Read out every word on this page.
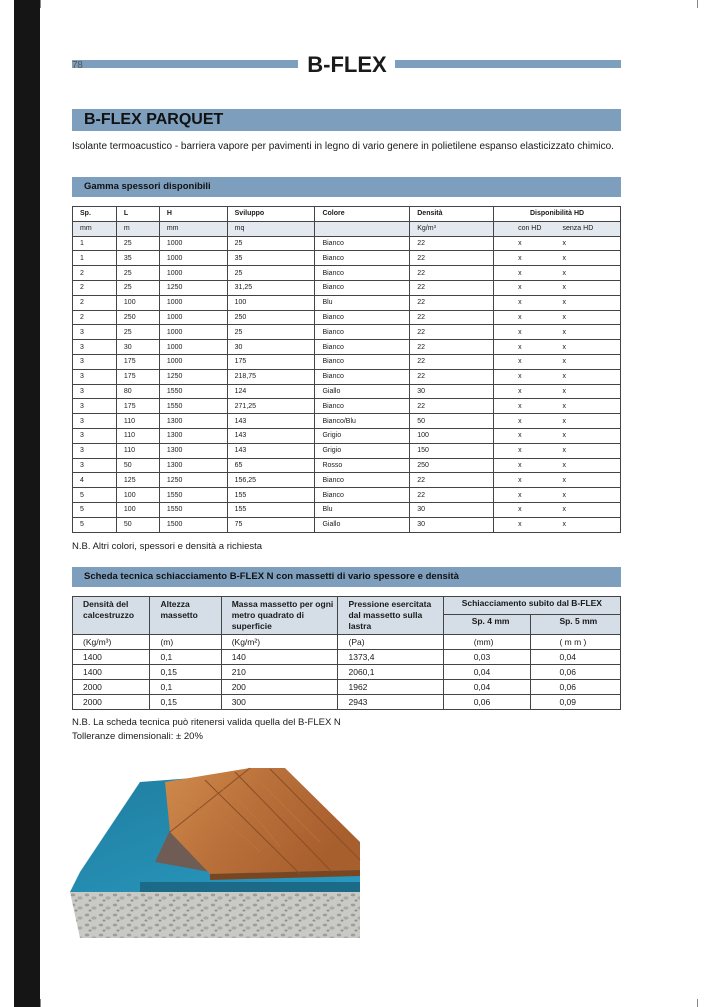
78	B-FLEX
B-FLEX PARQUET
Isolante termoacustico - barriera vapore per pavimenti in legno di vario genere in polietilene espanso elasticizzato chimico.
Gamma spessori disponibili
Sp.	L	H	Sviluppo	Colore	Densità	Disponibilità HD	
mm	m	mm	mq		Kg/m³	con HD	senza HD
1	25	1000	25	Bianco	22	x	x
1	35	1000	35	Bianco	22	x	x
2	25	1000	25	Bianco	22	x	x
2	25	1250	31,25	Bianco	22	x	x
2	100	1000	100	Blu	22	x	x
2	250	1000	250	Bianco	22	x	x
3	25	1000	25	Bianco	22	x	x
3	30	1000	30	Bianco	22	x	x
3	175	1000	175	Bianco	22	x	x
3	175	1250	218,75	Bianco	22	x	x
3	80	1550	124	Giallo	30	x	x
3	175	1550	271,25	Bianco	22	x	x
3	110	1300	143	Bianco/Blu	50	x	x
3	110	1300	143	Grigio	100	x	x
3	110	1300	143	Grigio	150	x	x
3	50	1300	65	Rosso	250	x	x
4	125	1250	156,25	Bianco	22	x	x
5	100	1550	155	Bianco	22	x	x
5	100	1550	155	Blu	30	x	x
5	50	1500	75	Giallo	30	x	x
N.B. Altri colori, spessori e densità a richiesta
Scheda tecnica schiacciamento B-FLEX N con massetti di vario spessore e densità
Densità del calcestruzzo	Altezza massetto	Massa massetto per ogni metro quadrato di superficie	Pressione esercitata dal massetto sulla lastra	Schiacciamento subito dal B-FLEX	
				Sp. 4 mm	Sp. 5 mm
(Kg/m³)	(m)	(Kg/m²)	(Pa)	(mm)	( m m )
1400	0,1	140	1373,4	0,03	0,04
1400	0,15	210	2060,1	0,04	0,06
2000	0,1	200	1962	0,04	0,06
2000	0,15	300	2943	0,06	0,09
N.B. La scheda tecnica può ritenersi valida quella del B-FLEX N
Tolleranze dimensionali: ± 20%
